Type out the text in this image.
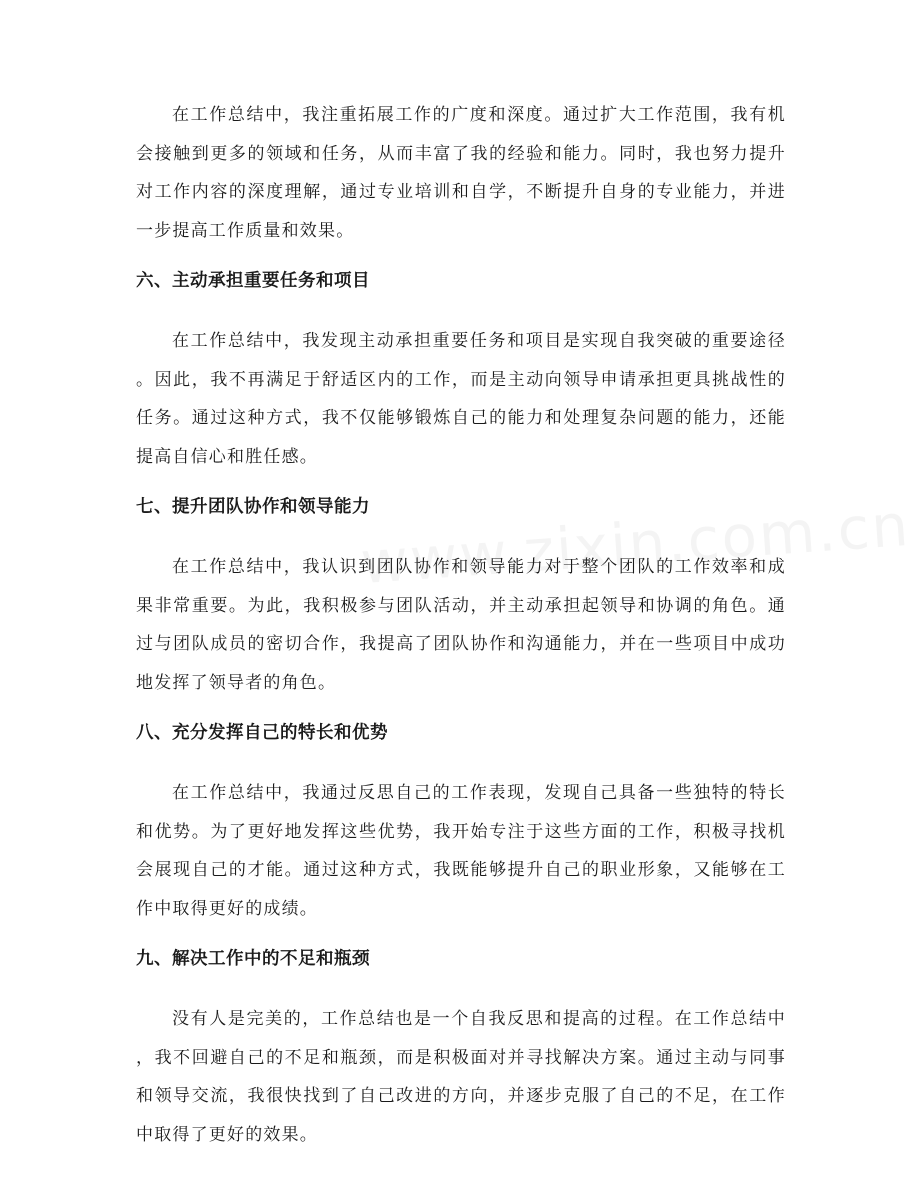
在工作总结中，我注重拓展工作的广度和深度。通过扩大工作范围，我有机会接触到更多的领域和任务，从而丰富了我的经验和能力。同时，我也努力提升对工作内容的深度理解，通过专业培训和自学，不断提升自身的专业能力，并进一步提高工作质量和效果。

六、主动承担重要任务和项目

在工作总结中，我发现主动承担重要任务和项目是实现自我突破的重要途径。因此，我不再满足于舒适区内的工作，而是主动向领导申请承担更具挑战性的任务。通过这种方式，我不仅能够锻炼自己的能力和处理复杂问题的能力，还能提高自信心和胜任感。

七、提升团队协作和领导能力

在工作总结中，我认识到团队协作和领导能力对于整个团队的工作效率和成果非常重要。为此，我积极参与团队活动，并主动承担起领导和协调的角色。通过与团队成员的密切合作，我提高了团队协作和沟通能力，并在一些项目中成功地发挥了领导者的角色。

八、充分发挥自己的特长和优势

在工作总结中，我通过反思自己的工作表现，发现自己具备一些独特的特长和优势。为了更好地发挥这些优势，我开始专注于这些方面的工作，积极寻找机会展现自己的才能。通过这种方式，我既能够提升自己的职业形象，又能够在工作中取得更好的成绩。

九、解决工作中的不足和瓶颈

没有人是完美的，工作总结也是一个自我反思和提高的过程。在工作总结中，我不回避自己的不足和瓶颈，而是积极面对并寻找解决方案。通过主动与同事和领导交流，我很快找到了自己改进的方向，并逐步克服了自己的不足，在工作中取得了更好的效果。
